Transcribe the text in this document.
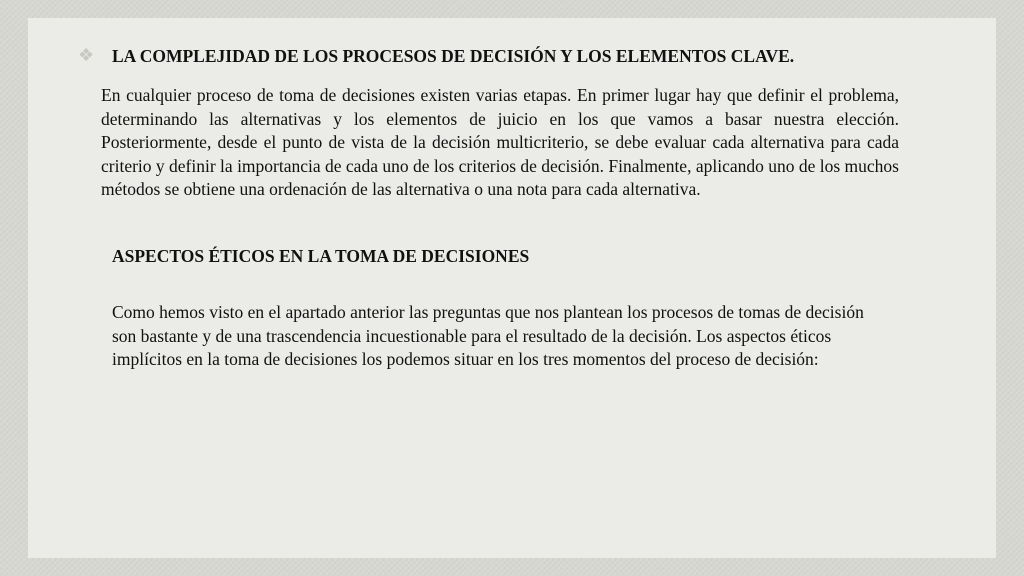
❖ LA COMPLEJIDAD DE LOS PROCESOS DE DECISIÓN Y LOS ELEMENTOS CLAVE.

En cualquier proceso de toma de decisiones existen varias etapas. En primer lugar hay que definir el problema, determinando las alternativas y los elementos de juicio en los que vamos a basar nuestra elección. Posteriormente, desde el punto de vista de la decisión multicriterio, se debe evaluar cada alternativa para cada criterio y definir la importancia de cada uno de los criterios de decisión. Finalmente, aplicando uno de los muchos métodos se obtiene una ordenación de las alternativa o una nota para cada alternativa.

ASPECTOS ÉTICOS EN LA TOMA DE DECISIONES

Como hemos visto en el apartado anterior las preguntas que nos plantean los procesos de tomas de decisión son bastante y de una trascendencia incuestionable para el resultado de la decisión. Los aspectos éticos implícitos en la toma de decisiones los podemos situar en los tres momentos del proceso de decisión:
